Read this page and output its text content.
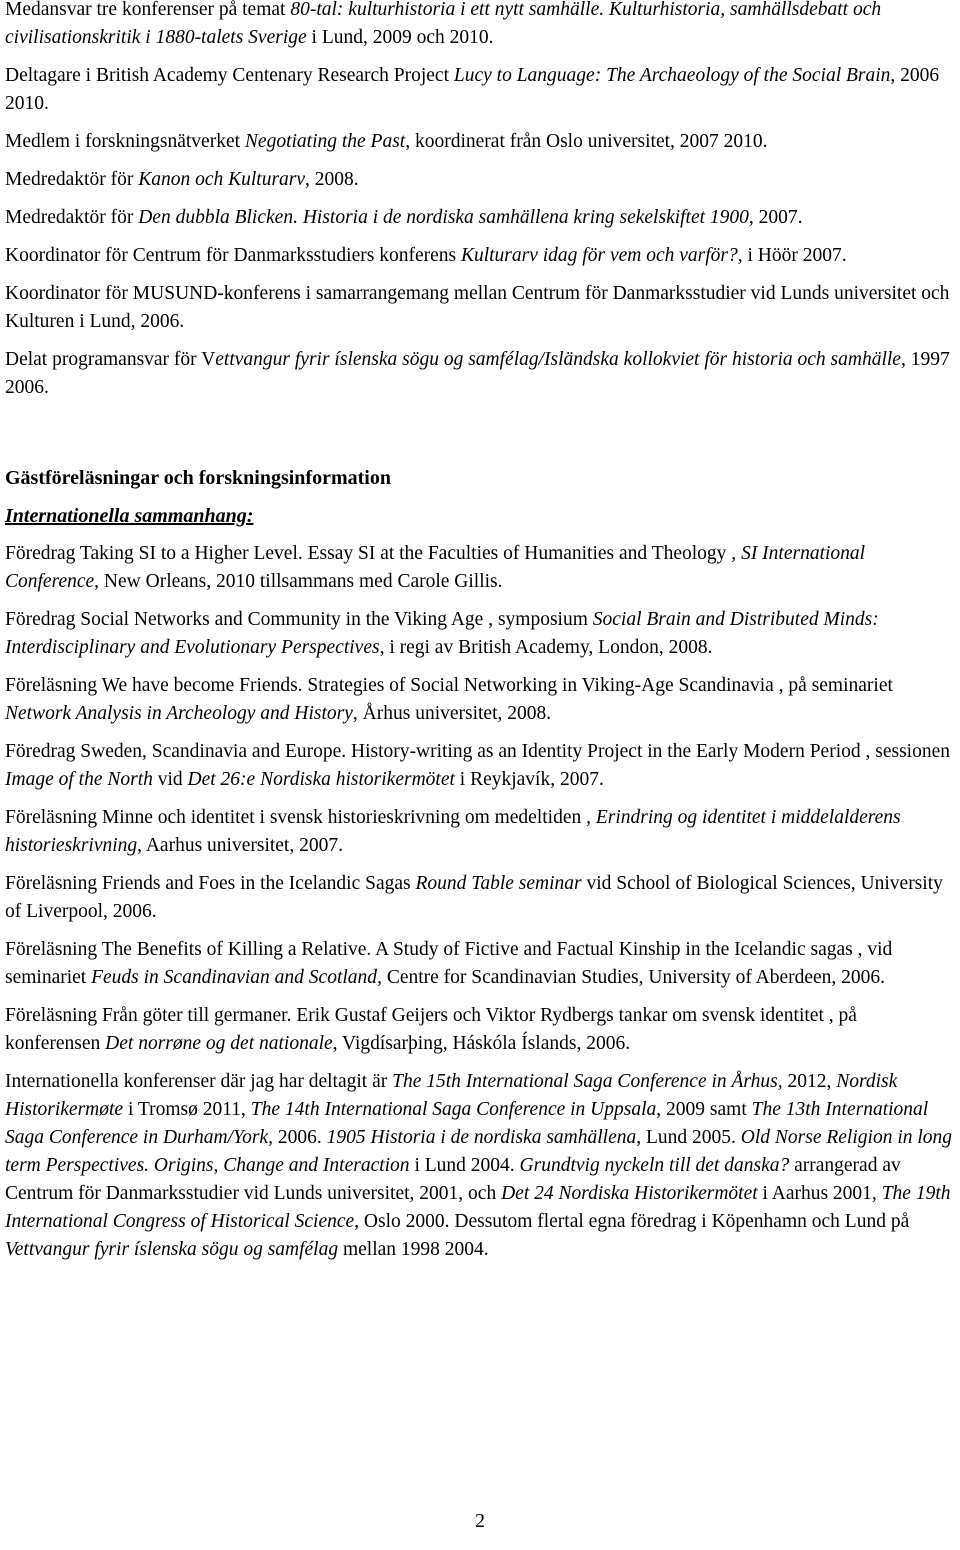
Medansvar tre konferenser på temat 80-tal: kulturhistoria i ett nytt samhälle. Kulturhistoria, samhällsdebatt och civilisationskritik i 1880-talets Sverige i Lund, 2009 och 2010.

Deltagare i British Academy Centenary Research Project Lucy to Language: The Archaeology of the Social Brain, 2006 2010.

Medlem i forskningsnätverket Negotiating the Past, koordinerat från Oslo universitet, 2007 2010.

Medredaktör för Kanon och Kulturarv, 2008.

Medredaktör för Den dubbla Blicken. Historia i de nordiska samhällena kring sekelskiftet 1900, 2007.

Koordinator för Centrum för Danmarksstudiers konferens Kulturarv idag för vem och varför?, i Höör 2007.

Koordinator för MUSUND-konferens i samarrangemang mellan Centrum för Danmarksstudier vid Lunds universitet och Kulturen i Lund, 2006.

Delat programansvar för Vettvangur fyrir íslenska sögu og samfélag/Isländska kollokviet för historia och samhälle, 1997 2006.

Gästföreläsningar och forskningsinformation

Internationella sammanhang:

Föredrag Taking SI to a Higher Level. Essay SI at the Faculties of Humanities and Theology , SI International Conference, New Orleans, 2010 tillsammans med Carole Gillis.

Föredrag Social Networks and Community in the Viking Age , symposium Social Brain and Distributed Minds: Interdisciplinary and Evolutionary Perspectives, i regi av British Academy, London, 2008.

Föreläsning We have become Friends. Strategies of Social Networking in Viking-Age Scandinavia , på seminariet Network Analysis in Archeology and History, Århus universitet, 2008.

Föredrag Sweden, Scandinavia and Europe. History-writing as an Identity Project in the Early Modern Period , sessionen Image of the North vid Det 26:e Nordiska historikermötet i Reykjavík, 2007.

Föreläsning Minne och identitet i svensk historieskrivning om medeltiden , Erindring og identitet i middelalderens historieskrivning, Aarhus universitet, 2007.

Föreläsning Friends and Foes in the Icelandic Sagas Round Table seminar vid School of Biological Sciences, University of Liverpool, 2006.

Föreläsning The Benefits of Killing a Relative. A Study of Fictive and Factual Kinship in the Icelandic sagas , vid seminariet Feuds in Scandinavian and Scotland, Centre for Scandinavian Studies, University of Aberdeen, 2006.

Föreläsning Från göter till germaner. Erik Gustaf Geijers och Viktor Rydbergs tankar om svensk identitet , på konferensen Det norrøne og det nationale, Vigdísarþing, Háskóla Íslands, 2006.

Internationella konferenser där jag har deltagit är The 15th International Saga Conference in Århus, 2012, Nordisk Historikermøte i Tromsø 2011, The 14th International Saga Conference in Uppsala, 2009 samt The 13th International Saga Conference in Durham/York, 2006. 1905 Historia i de nordiska samhällena, Lund 2005. Old Norse Religion in long term Perspectives. Origins, Change and Interaction i Lund 2004. Grundtvig nyckeln till det danska? arrangerad av Centrum för Danmarksstudier vid Lunds universitet, 2001, och Det 24 Nordiska Historikermötet i Aarhus 2001, The 19th International Congress of Historical Science, Oslo 2000. Dessutom flertal egna föredrag i Köpenhamn och Lund på Vettvangur fyrir íslenska sögu og samfélag mellan 1998 2004.

2
